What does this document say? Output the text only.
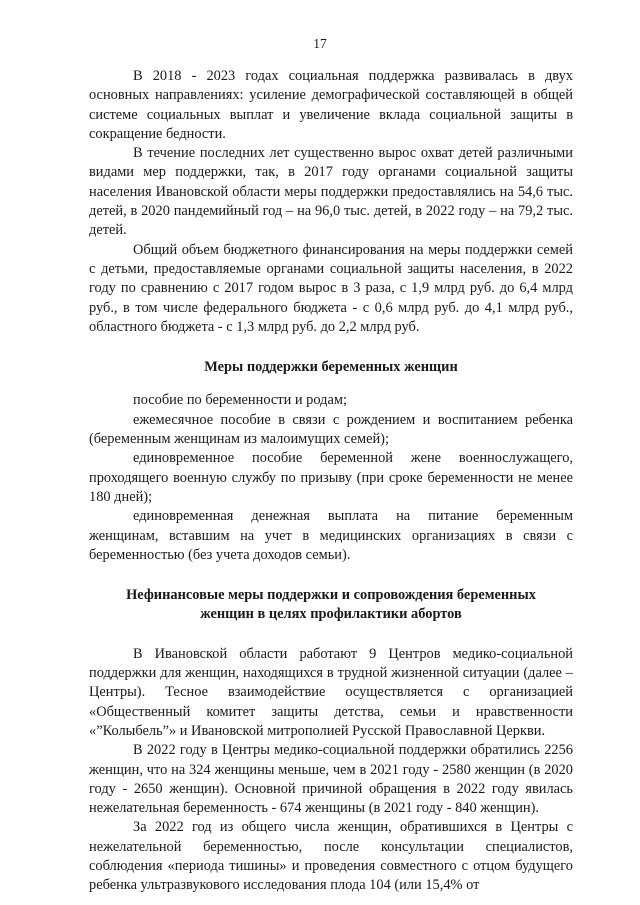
17

В 2018 - 2023 годах социальная поддержка развивалась в двух основных направлениях: усиление демографической составляющей в общей системе социальных выплат и увеличение вклада социальной защиты в сокращение бедности.

В течение последних лет существенно вырос охват детей различными видами мер поддержки, так, в 2017 году органами социальной защиты населения Ивановской области меры поддержки предоставлялись на 54,6 тыс. детей, в 2020 пандемийный год – на 96,0 тыс. детей, в 2022 году – на 79,2 тыс. детей.

Общий объем бюджетного финансирования на меры поддержки семей с детьми, предоставляемые органами социальной защиты населения, в 2022 году по сравнению с 2017 годом вырос в 3 раза, с 1,9 млрд руб. до 6,4 млрд руб., в том числе федерального бюджета - с 0,6 млрд руб. до 4,1 млрд руб., областного бюджета - с 1,3 млрд руб. до 2,2 млрд руб.

Меры поддержки беременных женщин

пособие по беременности и родам;

ежемесячное пособие в связи с рождением и воспитанием ребенка (беременным женщинам из малоимущих семей);

единовременное пособие беременной жене военнослужащего, проходящего военную службу по призыву (при сроке беременности не менее 180 дней);

единовременная денежная выплата на питание беременным женщинам, вставшим на учет в медицинских организациях в связи с беременностью (без учета доходов семьи).

Нефинансовые меры поддержки и сопровождения беременных

женщин в целях профилактики абортов

В Ивановской области работают 9 Центров медико-социальной поддержки для женщин, находящихся в трудной жизненной ситуации (далее – Центры). Тесное взаимодействие осуществляется с организацией «Общественный комитет защиты детства, семьи и нравственности «”Колыбель”» и Ивановской митрополией Русской Православной Церкви.

В 2022 году в Центры медико-социальной поддержки обратились 2256 женщин, что на 324 женщины меньше, чем в 2021 году - 2580 женщин (в 2020 году - 2650 женщин). Основной причиной обращения в 2022 году явилась нежелательная беременность - 674 женщины (в 2021 году - 840 женщин).

За 2022 год из общего числа женщин, обратившихся в Центры с нежелательной беременностью, после консультации специалистов, соблюдения «периода тишины» и проведения совместного с отцом будущего ребенка ультразвукового исследования плода 104 (или 15,4% от
